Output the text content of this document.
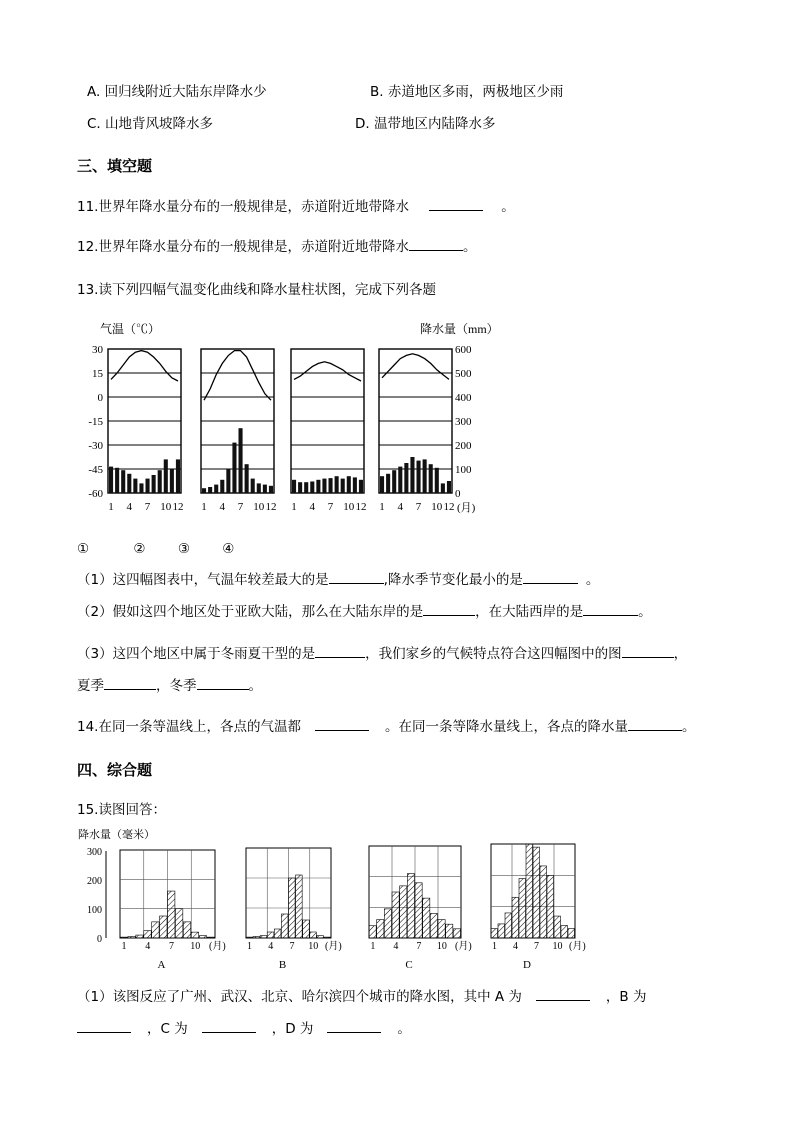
A. 回归线附近大陆东岸降水少	B. 赤道地区多雨，两极地区少雨
C. 山地背风坡降水多	D. 温带地区内陆降水多
三、填空题
11.世界年降水量分布的一般规律是，赤道附近地带降水	。
12.世界年降水量分布的一般规律是，赤道附近地带降水	。
13.读下列四幅气温变化曲线和降水量柱状图，完成下列各题
气温（℃）	降水量（mm）
30
15
0
-15
-30
-45
-60
600
500
400
300
200
100
0
1 4 7 10 12 1 4 7 10 12 1 4 7 10 12 1 4 7 10 12 (月)
①	② ③ ④
（1）这四幅图表中，气温年较差最大的是	,降水季节变化最小的是	。
（2）假如这四个地区处于亚欧大陆，那么在大陆东岸的是	，在大陆西岸的是	。
（3）这四个地区中属于冬雨夏干型的是	，我们家乡的气候特点符合这四幅图中的图	，
夏季	，冬季	。
14.在同一条等温线上，各点的气温都	。在同一条等降水量线上，各点的降水量	。
四、综合题
15.读图回答：
降水量（毫米）
0
100
200
300
1 4 7 10 (月)
A
1 4 7 10 (月)
B
1 4 7 10 (月)
C
1 4 7 10 (月)
D
（1）该图反应了广州、武汉、北京、哈尔滨四个城市的降水图，其中 A 为	，B 为
，C 为	，D 为	。
